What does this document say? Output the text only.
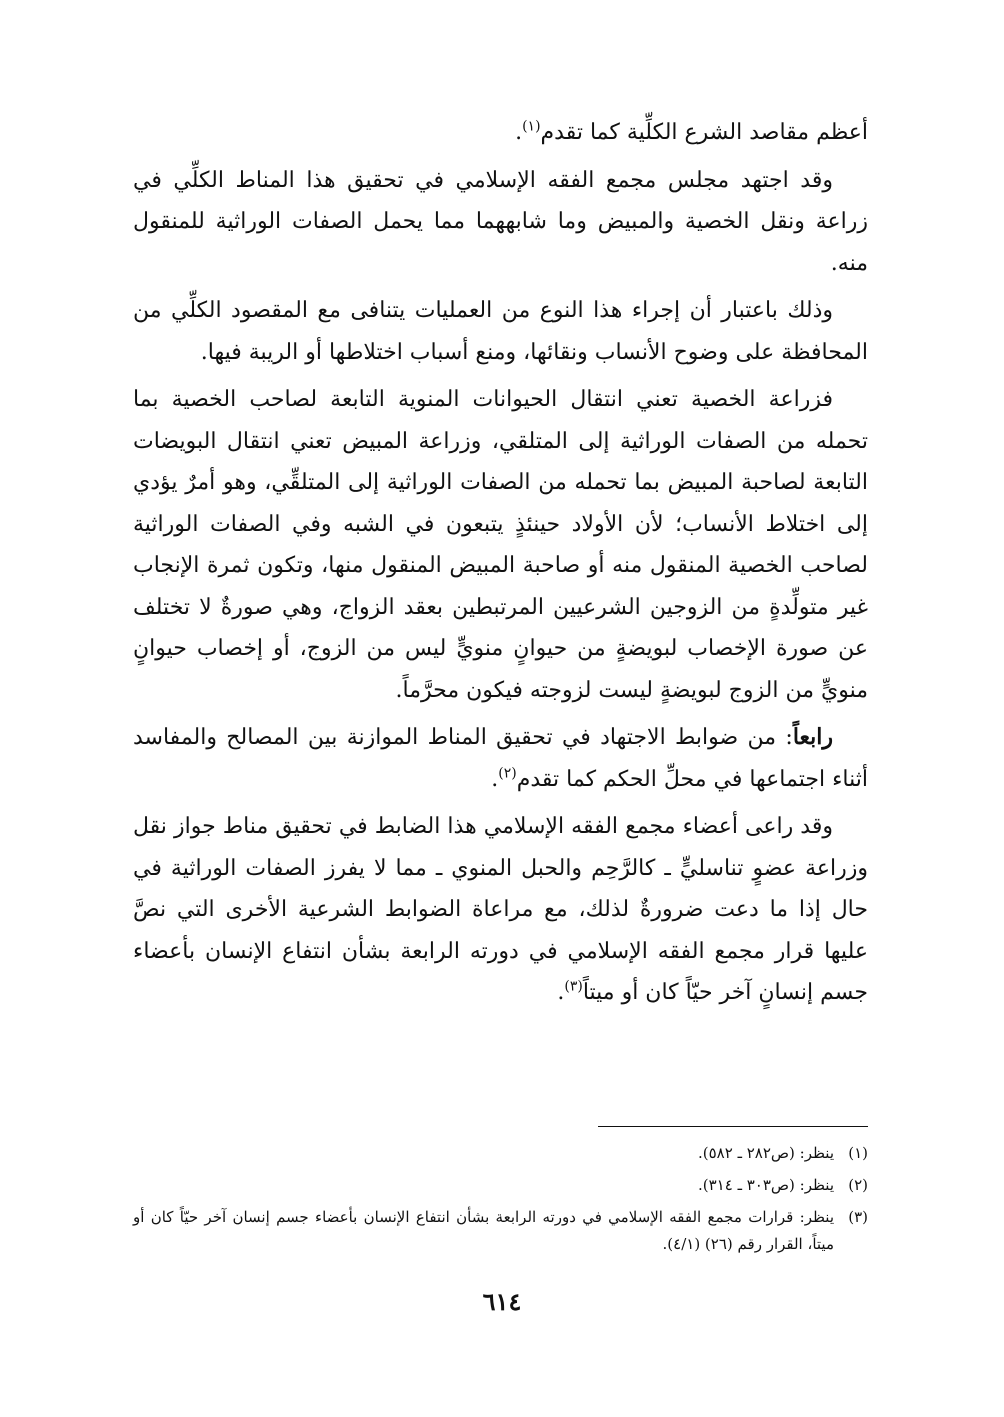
أعظم مقاصد الشرع الكلِّية كما تقدم$^{(١)}$.

وقد اجتهد مجلس مجمع الفقه الإسلامي في تحقيق هذا المناط الكلِّي في زراعة ونقل الخصية والمبيض وما شابههما مما يحمل الصفات الوراثية للمنقول منه.

وذلك باعتبار أن إجراء هذا النوع من العمليات يتنافى مع المقصود الكلِّي من المحافظة على وضوح الأنساب ونقائها، ومنع أسباب اختلاطها أو الريبة فيها.

فزراعة الخصية تعني انتقال الحيوانات المنوية التابعة لصاحب الخصية بما تحمله من الصفات الوراثية إلى المتلقي، وزراعة المبيض تعني انتقال البويضات التابعة لصاحبة المبيض بما تحمله من الصفات الوراثية إلى المتلقِّي، وهو أمرٌ يؤدي إلى اختلاط الأنساب؛ لأن الأولاد حينئذٍ يتبعون في الشبه وفي الصفات الوراثية لصاحب الخصية المنقول منه أو صاحبة المبيض المنقول منها، وتكون ثمرة الإنجاب غير متولِّدةٍ من الزوجين الشرعيين المرتبطين بعقد الزواج، وهي صورةٌ لا تختلف عن صورة الإخصاب لبويضةٍ من حيوانٍ منويٍّ ليس من الزوج، أو إخصاب حيوانٍ منويٍّ من الزوج لبويضةٍ ليست لزوجته فيكون محرَّماً.

رابعاً: من ضوابط الاجتهاد في تحقيق المناط الموازنة بين المصالح والمفاسد أثناء اجتماعها في محلِّ الحكم كما تقدم$^{(٢)}$.

وقد راعى أعضاء مجمع الفقه الإسلامي هذا الضابط في تحقيق مناط جواز نقل وزراعة عضوٍ تناسليٍّ ـ كالرَّحِم والحبل المنوي ـ مما لا يفرز الصفات الوراثية في حال إذا ما دعت ضرورةٌ لذلك، مع مراعاة الضوابط الشرعية الأخرى التي نصَّ عليها قرار مجمع الفقه الإسلامي في دورته الرابعة بشأن انتفاع الإنسان بأعضاء جسم إنسانٍ آخر حيّاً كان أو ميتاً$^{(٣)}$.

(١)
ينظر: (ص٢٨٢ ـ ٥٨٢).
(٢)
ينظر: (ص٣٠٣ ـ ٣١٤).
(٣)
ينظر: قرارات مجمع الفقه الإسلامي في دورته الرابعة بشأن انتفاع الإنسان بأعضاء جسم إنسان آخر حيّاً كان أو ميتاً، القرار رقم (٢٦) (٤/١).
٦١٤
